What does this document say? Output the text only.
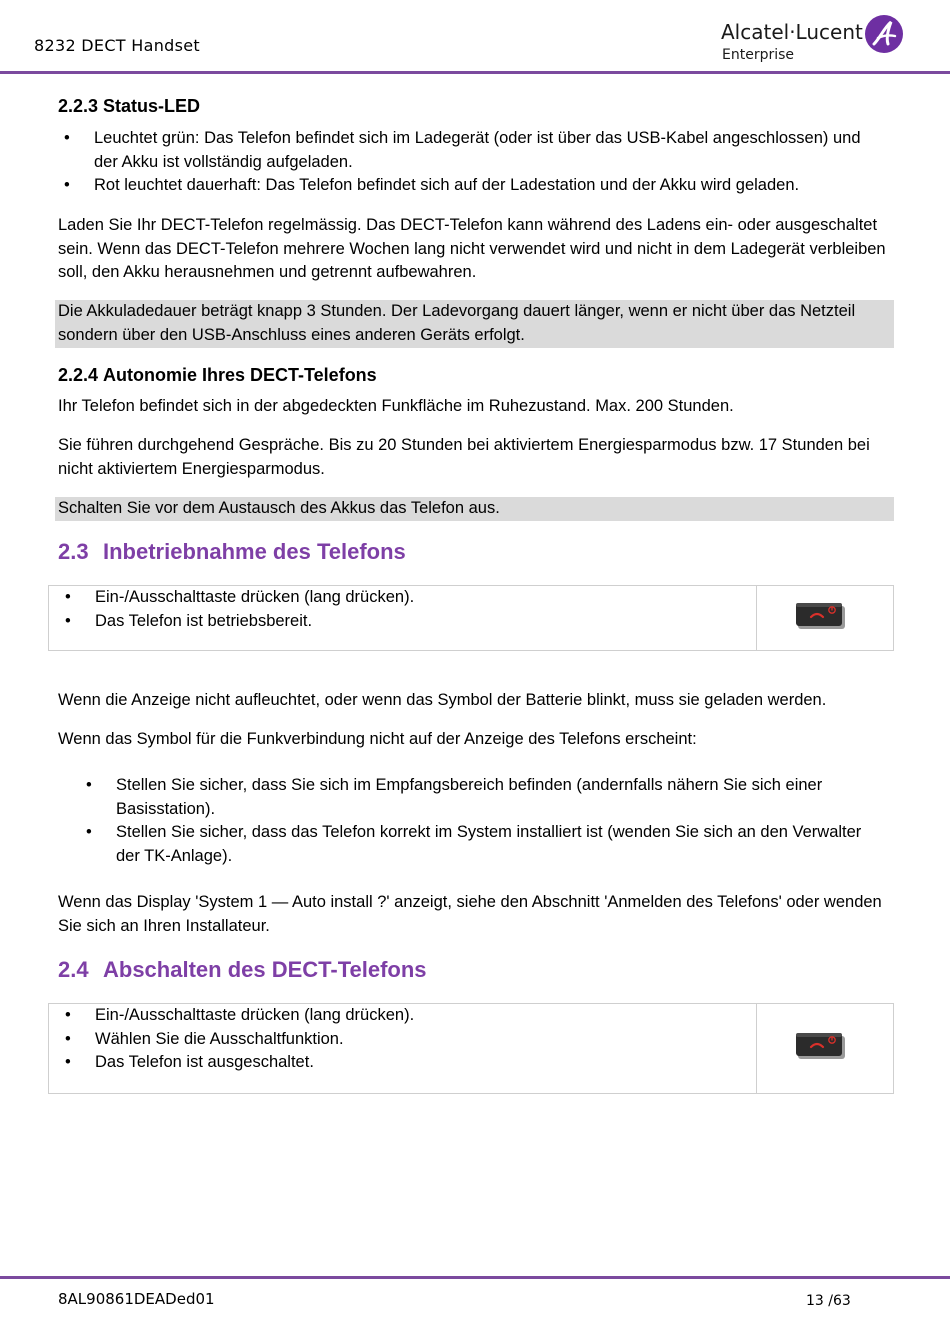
8232 DECT Handset
Alcatel·Lucent
Enterprise
2.2.3 Status-LED
• Leuchtet grün: Das Telefon befindet sich im Ladegerät (oder ist über das USB-Kabel angeschlossen) und der Akku ist vollständig aufgeladen.
• Rot leuchtet dauerhaft: Das Telefon befindet sich auf der Ladestation und der Akku wird geladen.
Laden Sie Ihr DECT-Telefon regelmässig. Das DECT-Telefon kann während des Ladens ein- oder ausgeschaltet sein. Wenn das DECT-Telefon mehrere Wochen lang nicht verwendet wird und nicht in dem Ladegerät verbleiben soll, den Akku herausnehmen und getrennt aufbewahren.
Die Akkuladedauer beträgt knapp 3 Stunden. Der Ladevorgang dauert länger, wenn er nicht über das Netzteil sondern über den USB-Anschluss eines anderen Geräts erfolgt.
2.2.4 Autonomie Ihres DECT-Telefons
Ihr Telefon befindet sich in der abgedeckten Funkfläche im Ruhezustand. Max. 200 Stunden.
Sie führen durchgehend Gespräche. Bis zu 20 Stunden bei aktiviertem Energiesparmodus bzw. 17 Stunden bei nicht aktiviertem Energiesparmodus.
Schalten Sie vor dem Austausch des Akkus das Telefon aus.
2.3 Inbetriebnahme des Telefons
• Ein-/Ausschalttaste drücken (lang drücken).
• Das Telefon ist betriebsbereit.
Wenn die Anzeige nicht aufleuchtet, oder wenn das Symbol der Batterie blinkt, muss sie geladen werden.
Wenn das Symbol für die Funkverbindung nicht auf der Anzeige des Telefons erscheint:
• Stellen Sie sicher, dass Sie sich im Empfangsbereich befinden (andernfalls nähern Sie sich einer Basisstation).
• Stellen Sie sicher, dass das Telefon korrekt im System installiert ist (wenden Sie sich an den Verwalter der TK-Anlage).
Wenn das Display 'System 1 — Auto install ?' anzeigt, siehe den Abschnitt 'Anmelden des Telefons' oder wenden Sie sich an Ihren Installateur.
2.4 Abschalten des DECT-Telefons
• Ein-/Ausschalttaste drücken (lang drücken).
• Wählen Sie die Ausschaltfunktion.
• Das Telefon ist ausgeschaltet.
8AL90861DEADed01	13 /63
